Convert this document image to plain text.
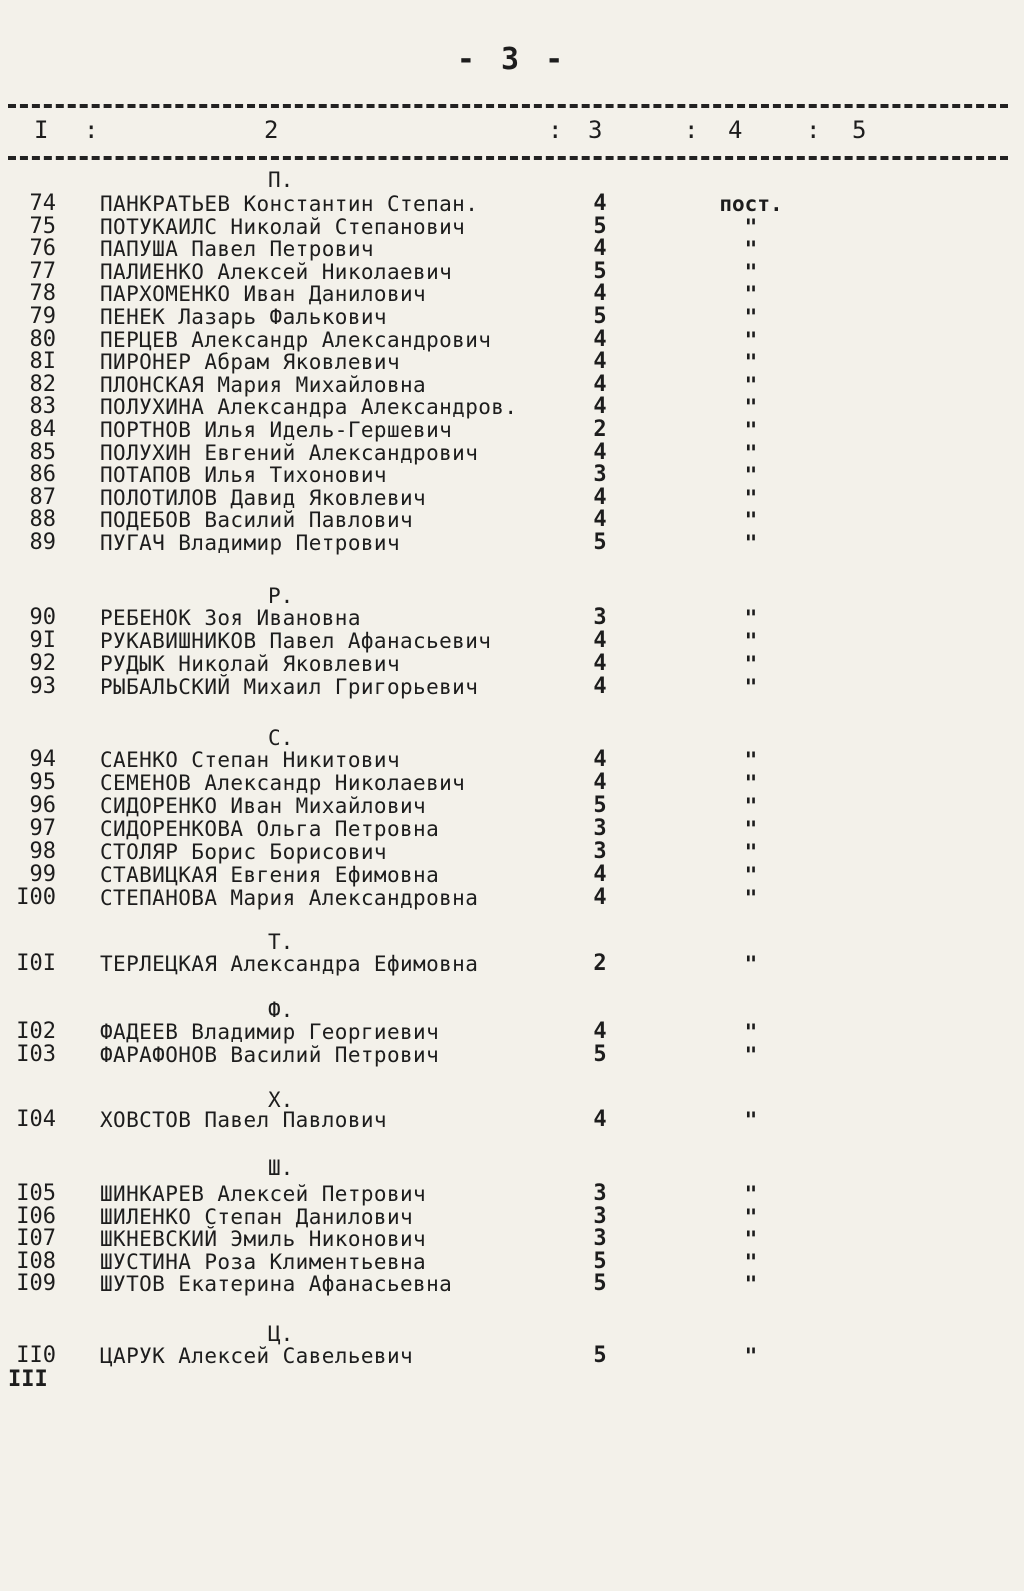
- 3 -
I :	2	: 3	: 4	: 5
П.
74 ПАНКРАТЬЕВ Константин Степан.	4	пост.
75 ПОТУКАИЛС Николай Степанович	5	"
76 ПАПУША Павел Петрович	4	"
77 ПАЛИЕНКО Алексей Николаевич	5	"
78 ПАРХОМЕНКО Иван Данилович	4	"
79 ПЕНЕК Лазарь Фалькович	5	"
80 ПЕРЦЕВ Александр Александрович	4	"
8I ПИРОНЕР Абрам Яковлевич	4	"
82 ПЛОНСКАЯ Мария Михайловна	4	"
83 ПОЛУХИНА Александра Александров.	4	"
84 ПОРТНОВ Илья Идель-Гершевич	2	"
85 ПОЛУХИН Евгений Александрович	4	"
86 ПОТАПОВ Илья Тихонович	3	"
87 ПОЛОТИЛОВ Давид Яковлевич	4	"
88 ПОДЕБОВ Василий Павлович	4	"
89 ПУГАЧ Владимир Петрович	5	"
Р.
90 РЕБЕНОК Зоя Ивановна	3	"
9I РУКАВИШНИКОВ Павел Афанасьевич	4	"
92 РУДЫК Николай Яковлевич	4	"
93 РЫБАЛЬСКИЙ Михаил Григорьевич	4	"
С.
94 САЕНКО Степан Никитович	4	"
95 СЕМЕНОВ Александр Николаевич	4	"
96 СИДОРЕНКО Иван Михайлович	5	"
97 СИДОРЕНКОВА Ольга Петровна	3	"
98 СТОЛЯР Борис Борисович	3	"
99 СТАВИЦКАЯ Евгения Ефимовна	4	"
I00 СТЕПАНОВА Мария Александровна	4	"
Т.
I0I ТЕРЛЕЦКАЯ Александра Ефимовна	2	"
Ф.
I02 ФАДЕЕВ Владимир Георгиевич	4	"
I03 ФАРАФОНОВ Василий Петрович	5	"
Х.
I04 ХОВСТОВ Павел Павлович	4	"
Ш.
I05 ШИНКАРЕВ Алексей Петрович	3	"
I06 ШИЛЕНКО Степан Данилович	3	"
I07 ШКНЕВСКИЙ Эмиль Никонович	3	"
I08 ШУСТИНА Роза Климентьевна	5	"
I09 ШУТОВ Екатерина Афанасьевна	5	"
Ц.
II0 ЦАРУК Алексей Савельевич	5	"
III
